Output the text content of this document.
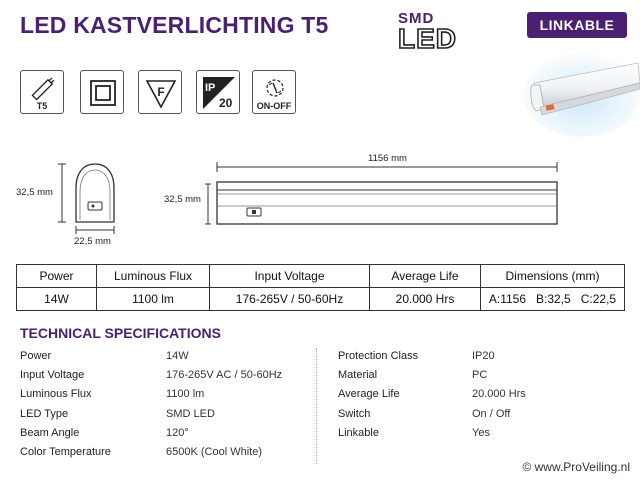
LED KASTVERLICHTING T5	SMD
LED	LINKABLE
T5
F	IP
20	ON-OFF
32,5 mm
22,5 mm
1156 mm
32,5 mm
Power	Luminous Flux	Input Voltage	Average Life	Dimensions (mm)
14W	1100 lm	176-265V / 50-60Hz	20.000 Hrs	A:1156   B:32,5   C:22,5
TECHNICAL SPECIFICATIONS
Power	14W
Input Voltage	176-265V AC / 50-60Hz
Luminous Flux	1100 lm
LED Type	SMD LED
Beam Angle	120°
Color Temperature	6500K (Cool White)
Protection Class	IP20
Material	PC
Average Life	20.000 Hrs
Switch	On / Off
Linkable	Yes
© www.ProVeiling.nl
